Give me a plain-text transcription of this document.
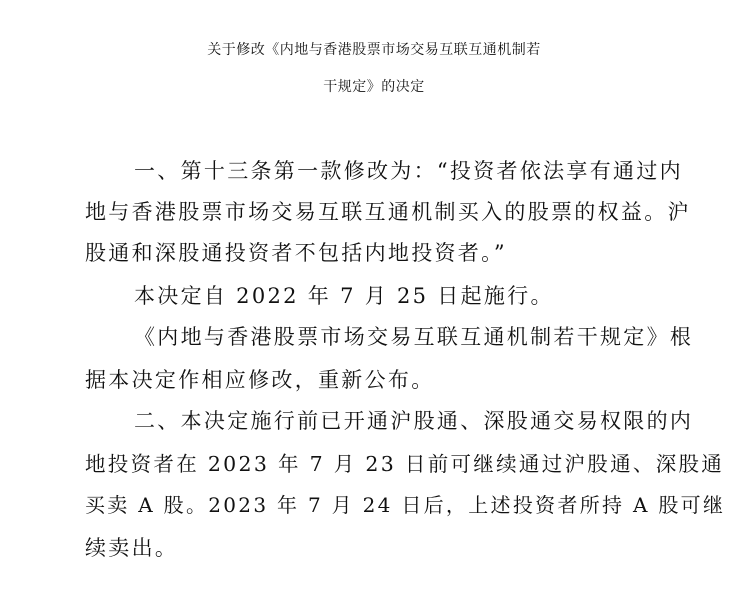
关于修改《内地与香港股票市场交易互联互通机制若
干规定》的决定
一、第十三条第一款修改为：“投资者依法享有通过内
地与香港股票市场交易互联互通机制买入的股票的权益。沪
股通和深股通投资者不包括内地投资者。”
本决定自 2022 年 7 月 25 日起施行。
《内地与香港股票市场交易互联互通机制若干规定》根
据本决定作相应修改，重新公布。
二、本决定施行前已开通沪股通、深股通交易权限的内
地投资者在 2023 年 7 月 23 日前可继续通过沪股通、深股通
买卖 A 股。2023 年 7 月 24 日后，上述投资者所持 A 股可继
续卖出。
